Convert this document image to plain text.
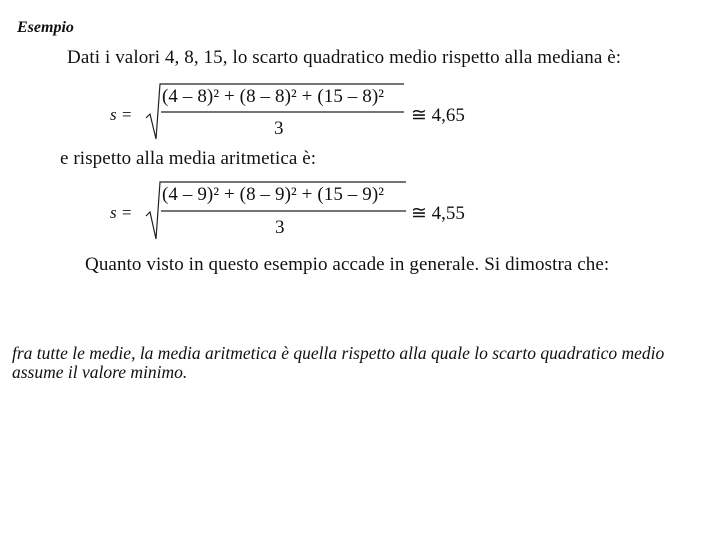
Esempio
Dati i valori 4, 8, 15, lo scarto quadratico medio rispetto alla mediana è:
s =
(4 – 8)² + (8 – 8)² + (15 – 8)²
3
≅ 4,65
e rispetto alla media aritmetica è:
s =
(4 – 9)² + (8 – 9)² + (15 – 9)²
3
≅ 4,55
Quanto visto in questo esempio accade in generale. Si dimostra che:
fra tutte le medie, la media aritmetica è quella rispetto alla quale lo scarto quadratico medio assume il valore minimo.
